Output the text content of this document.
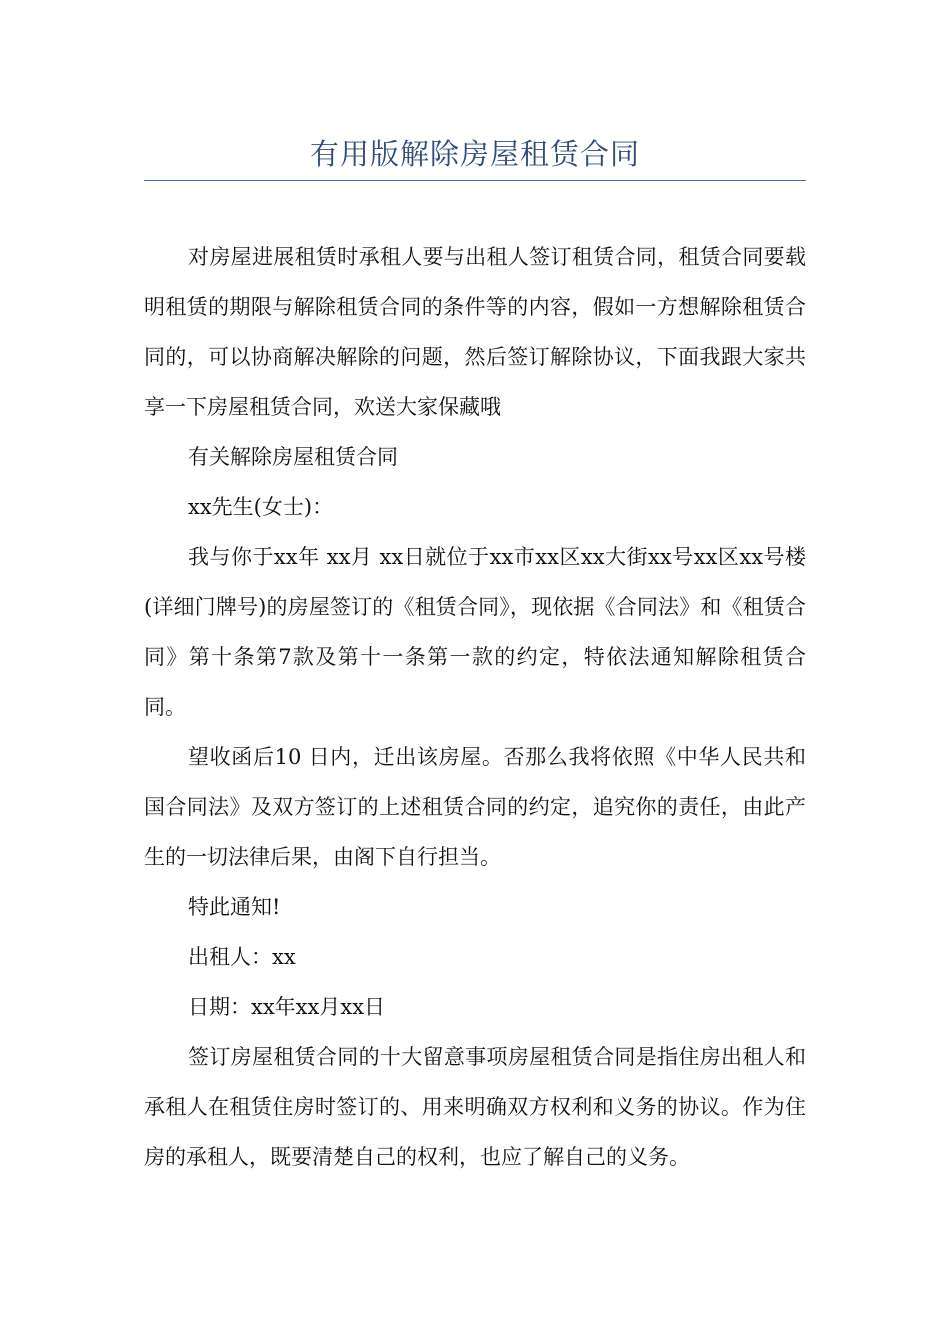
有用版解除房屋租赁合同

对房屋进展租赁时承租人要与出租人签订租赁合同，租赁合同要载明租赁的期限与解除租赁合同的条件等的内容，假如一方想解除租赁合同的，可以协商解决解除的问题，然后签订解除协议，下面我跟大家共享一下房屋租赁合同，欢送大家保藏哦

有关解除房屋租赁合同

xx先生(女士)：

我与你于xx年 xx月 xx日就位于xx市xx区xx大街xx号xx区xx号楼(详细门牌号)的房屋签订的《租赁合同》，现依据《合同法》和《租赁合同》第十条第7款及第十一条第一款的约定，特依法通知解除租赁合同。

望收函后10 日内，迁出该房屋。否那么我将依照《中华人民共和国合同法》及双方签订的上述租赁合同的约定，追究你的责任，由此产生的一切法律后果，由阁下自行担当。

特此通知!

出租人：xx

日期：xx年xx月xx日

签订房屋租赁合同的十大留意事项房屋租赁合同是指住房出租人和承租人在租赁住房时签订的、用来明确双方权利和义务的协议。作为住房的承租人，既要清楚自己的权利，也应了解自己的义务。
